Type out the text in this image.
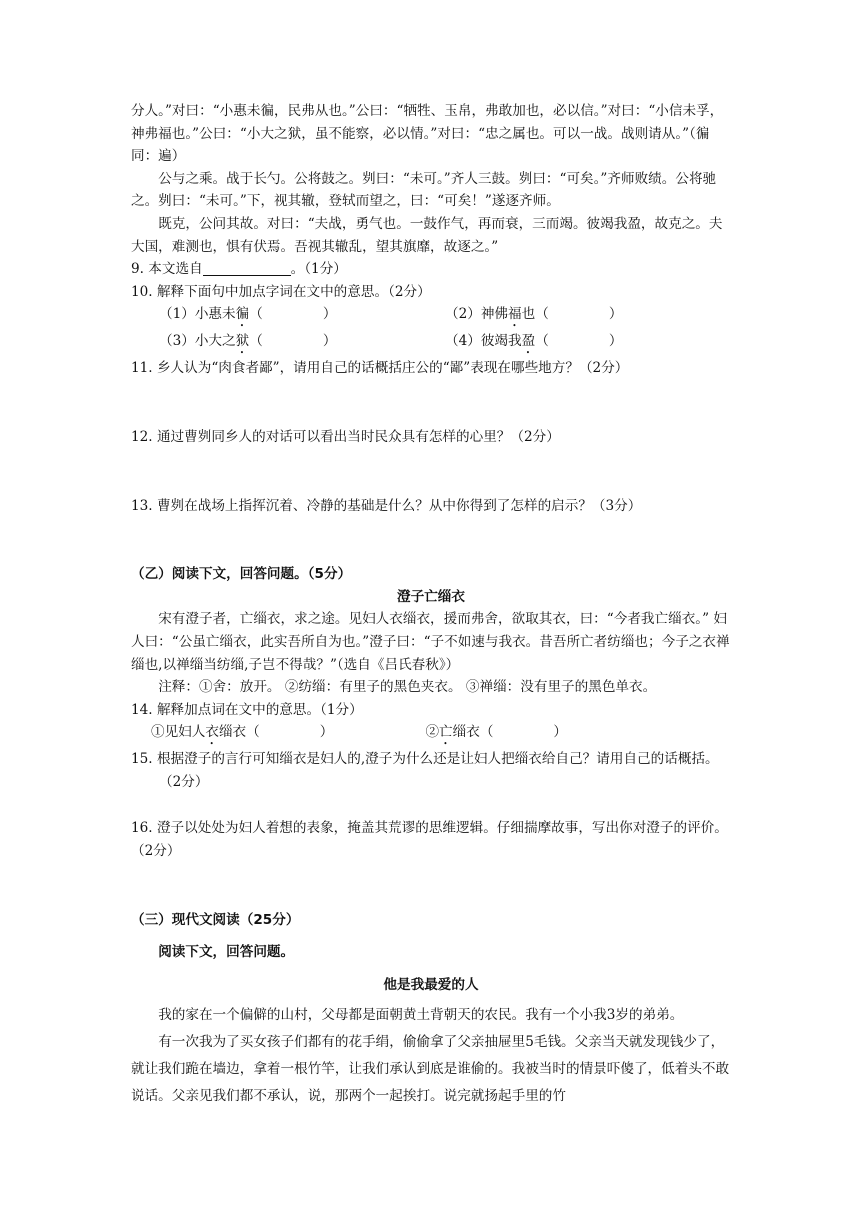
分人。”对曰：“小惠未徧，民弗从也。”公曰：“牺牲、玉帛，弗敢加也，必以信。”对曰：“小信未孚，神弗福也。”公曰：“小大之狱，虽不能察，必以情。”对曰：“忠之属也。可以一战。战则请从。”（徧 同：遍）

公与之乘。战于长勺。公将鼓之。刿曰：“未可。”齐人三鼓。刿曰：“可矣。”齐师败绩。公将驰之。刿曰：“未可。”下，视其辙，登轼而望之，曰：“可矣！”遂逐齐师。

既克，公问其故。对曰：“夫战，勇气也。一鼓作气，再而衰，三而竭。彼竭我盈，故克之。夫大国，难测也，惧有伏焉。吾视其辙乱，望其旗靡，故逐之。”

9. 本文选自	。（1分）

10. 解释下面句中加点字词在文中的意思。（2分）

（1）小惠未徧（	）	（2）神佛福也（	）
（3）小大之狱（	）	（4）彼竭我盈（	）

11. 乡人认为“肉食者鄙”，请用自己的话概括庄公的“鄙”表现在哪些地方？（2分）

12. 通过曹刿同乡人的对话可以看出当时民众具有怎样的心里？（2分）

13. 曹刿在战场上指挥沉着、冷静的基础是什么？从中你得到了怎样的启示？（3分）

（乙）阅读下文，回答问题。（5分）

澄子亡缁衣

宋有澄子者，亡缁衣，求之途。见妇人衣缁衣，援而弗舍，欲取其衣，曰：“今者我亡缁衣。” 妇人曰：“公虽亡缁衣，此实吾所自为也。”澄子曰：“子不如速与我衣。昔吾所亡者纺缁也；今子之衣禅缁也,以禅缁当纺缁,子岂不得哉？”（选自《吕氏春秋》）

注释：①舍：放开。 ②纺缁：有里子的黑色夹衣。 ③禅缁：没有里子的黑色单衣。

14. 解释加点词在文中的意思。（1分）

①见妇人衣缁衣（	）	②亡缁衣（	）

15. 根据澄子的言行可知缁衣是妇人的,澄子为什么还是让妇人把缁衣给自己？请用自己的话概括。（2分）

16. 澄子以处处为妇人着想的表象，掩盖其荒谬的思维逻辑。仔细揣摩故事，写出你对澄子的评价。（2分）

（三）现代文阅读（25分）

阅读下文，回答问题。

他是我最爱的人

我的家在一个偏僻的山村，父母都是面朝黄土背朝天的农民。我有一个小我3岁的弟弟。

有一次我为了买女孩子们都有的花手绢，偷偷拿了父亲抽屉里5毛钱。父亲当天就发现钱少了，就让我们跪在墙边，拿着一根竹竿，让我们承认到底是谁偷的。我被当时的情景吓傻了，低着头不敢说话。父亲见我们都不承认，说，那两个一起挨打。说完就扬起手里的竹
